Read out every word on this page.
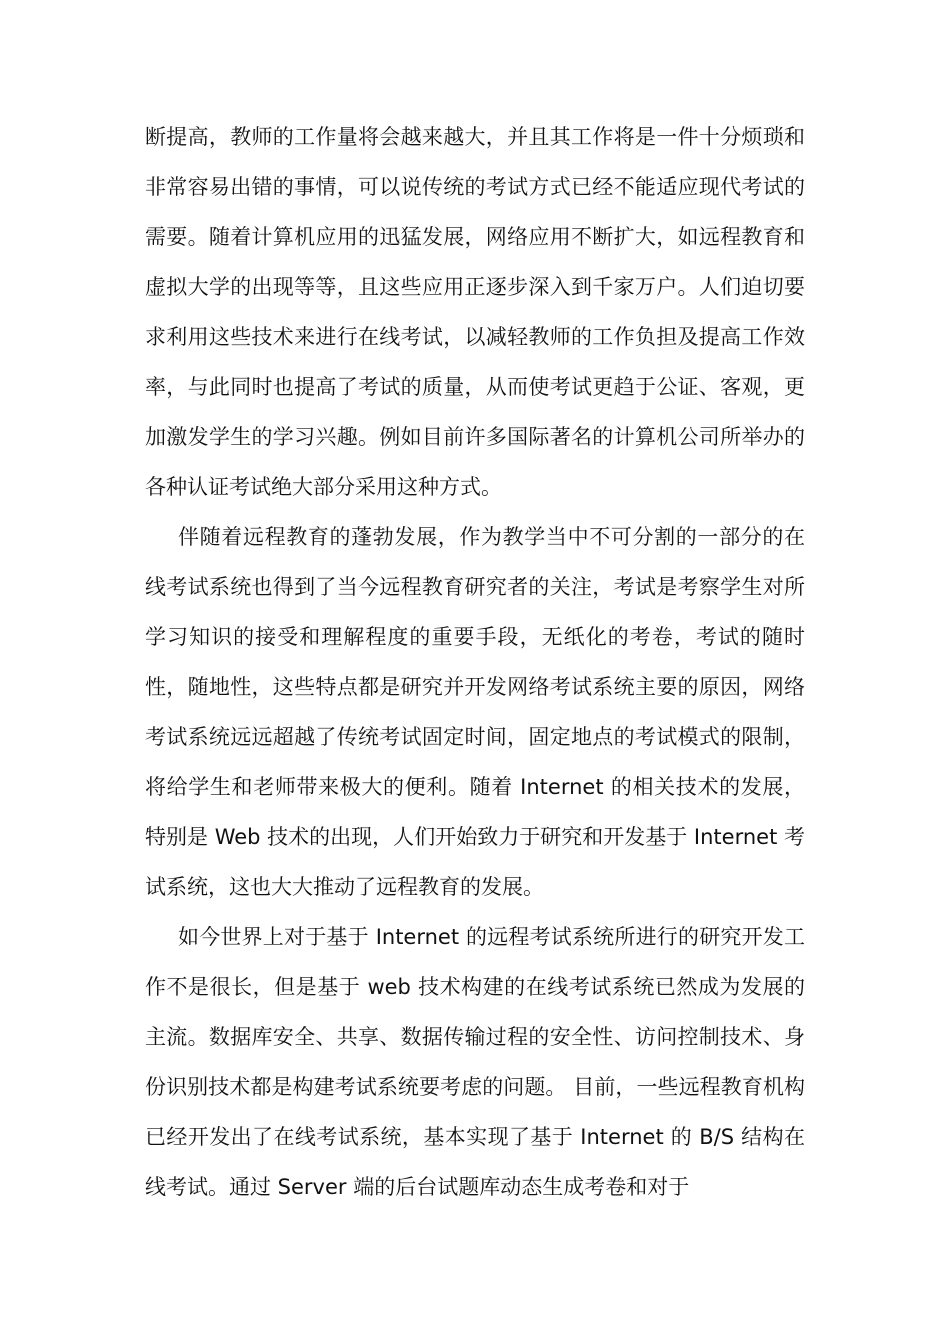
断提高，教师的工作量将会越来越大，并且其工作将是一件十分烦琐和非常容易出错的事情，可以说传统的考试方式已经不能适应现代考试的需要。随着计算机应用的迅猛发展，网络应用不断扩大，如远程教育和虚拟大学的出现等等，且这些应用正逐步深入到千家万户。人们迫切要求利用这些技术来进行在线考试，以减轻教师的工作负担及提高工作效率，与此同时也提高了考试的质量，从而使考试更趋于公证、客观，更加激发学生的学习兴趣。例如目前许多国际著名的计算机公司所举办的各种认证考试绝大部分采用这种方式。

伴随着远程教育的蓬勃发展，作为教学当中不可分割的一部分的在线考试系统也得到了当今远程教育研究者的关注，考试是考察学生对所学习知识的接受和理解程度的重要手段，无纸化的考卷，考试的随时性，随地性，这些特点都是研究并开发网络考试系统主要的原因，网络考试系统远远超越了传统考试固定时间，固定地点的考试模式的限制，将给学生和老师带来极大的便利。随着 Internet 的相关技术的发展，特别是 Web 技术的出现，人们开始致力于研究和开发基于 Internet 考试系统，这也大大推动了远程教育的发展。

如今世界上对于基于 Internet 的远程考试系统所进行的研究开发工作不是很长，但是基于 web 技术构建的在线考试系统已然成为发展的主流。数据库安全、共享、数据传输过程的安全性、访问控制技术、身份识别技术都是构建考试系统要考虑的问题。 目前，一些远程教育机构已经开发出了在线考试系统，基本实现了基于 Internet 的 B/S 结构在线考试。通过 Server 端的后台试题库动态生成考卷和对于
